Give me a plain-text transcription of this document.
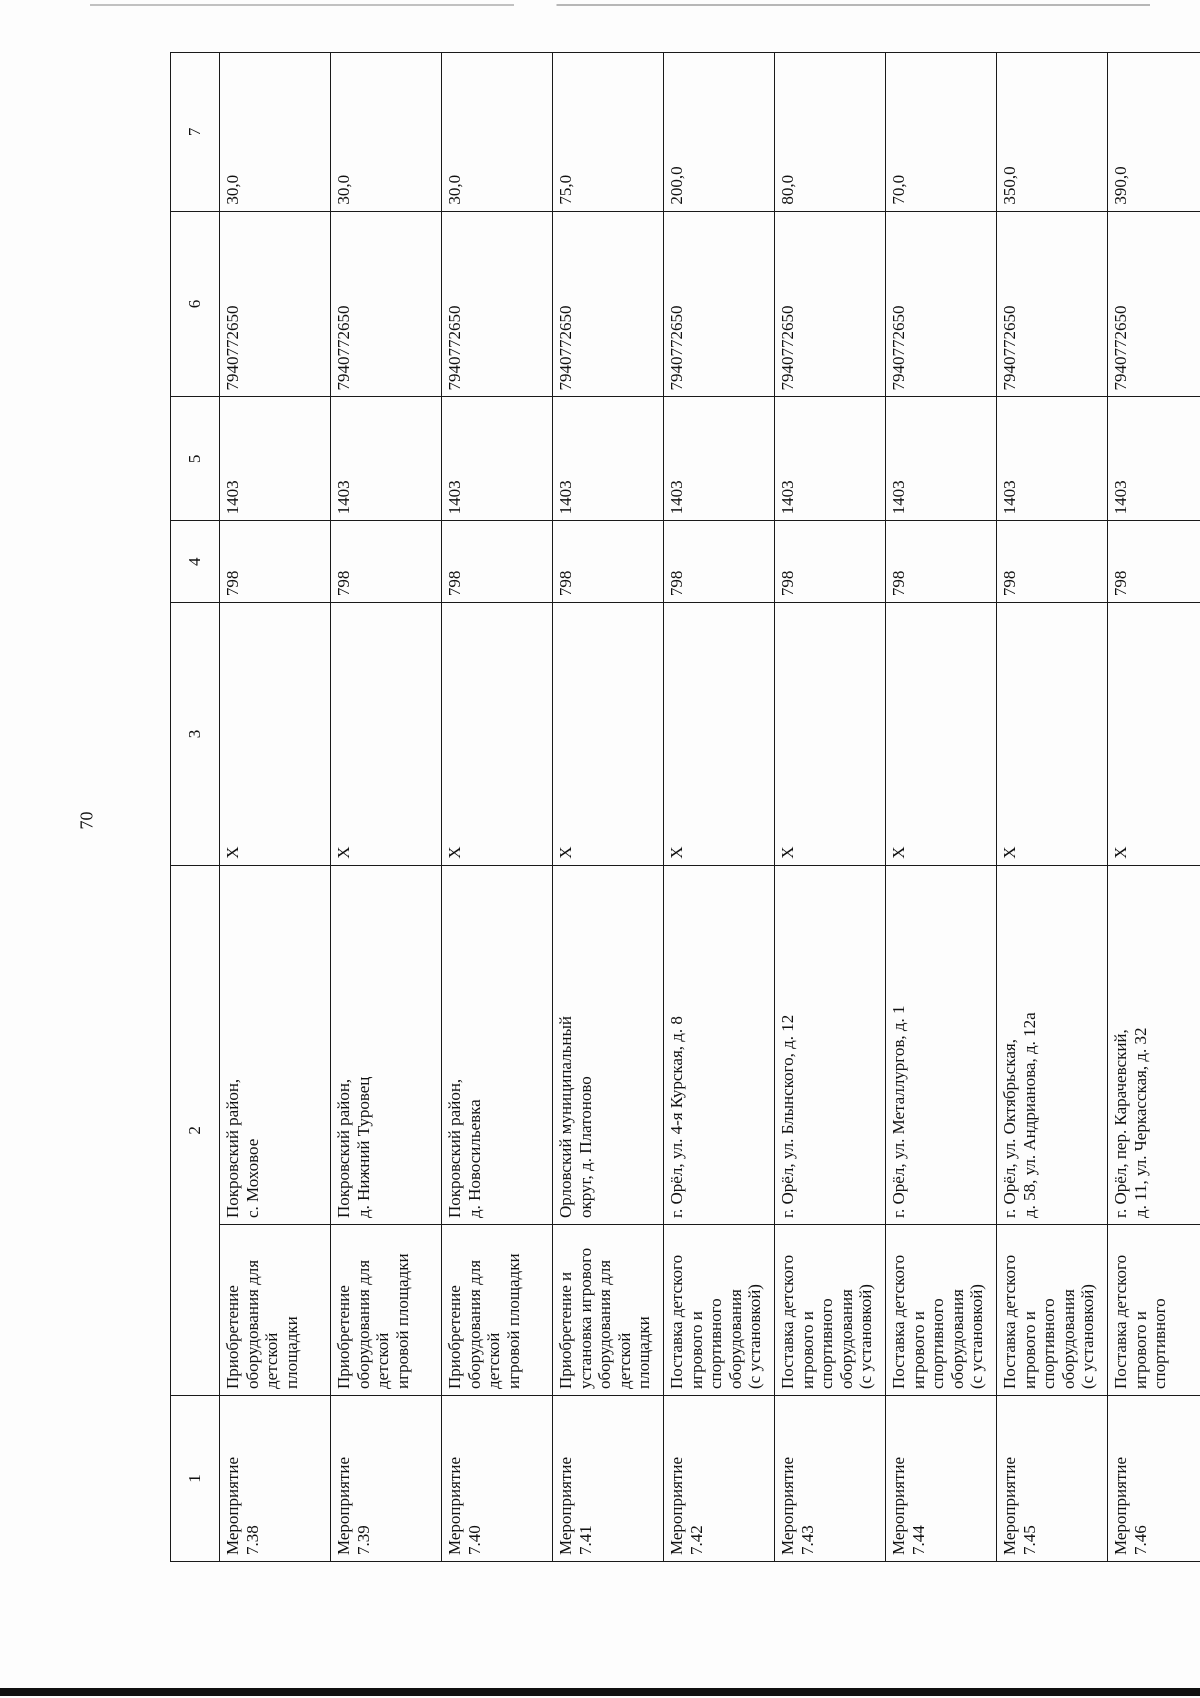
70
1	2		3	4	5	6	7

Мероприятие 7.38	Приобретение оборудования для детской площадки	Покровский район, с. Моховое	Х	798	1403	7940772650	30,0

Мероприятие 7.39	Приобретение оборудования для детской игровой площадки	Покровский район, д. Нижний Туровец	Х	798	1403	7940772650	30,0

Мероприятие 7.40	Приобретение оборудования для детской игровой площадки	Покровский район, д. Новосильевка	Х	798	1403	7940772650	30,0

Мероприятие 7.41	Приобретение и установка игрового оборудования для детской площадки	Орловский муниципальный округ, д. Платоново	Х	798	1403	7940772650	75,0

Мероприятие 7.42	Поставка детского игрового и спортивного оборудования (с установкой)	г. Орёл, ул. 4-я Курская, д. 8	Х	798	1403	7940772650	200,0

Мероприятие 7.43	Поставка детского игрового и спортивного оборудования (с установкой)	г. Орёл, ул. Блынского, д. 12	Х	798	1403	7940772650	80,0

Мероприятие 7.44	Поставка детского игрового и спортивного оборудования (с установкой)	г. Орёл, ул. Металлургов, д. 1	Х	798	1403	7940772650	70,0

Мероприятие 7.45	Поставка детского игрового и спортивного оборудования (с установкой)	г. Орёл, ул. Октябрьская, д. 58, ул. Андрианова, д. 12а	Х	798	1403	7940772650	350,0

Мероприятие 7.46	Поставка детского игрового и спортивного	г. Орёл, пер. Карачевский, д. 11, ул. Черкасская, д. 32	Х	798	1403	7940772650	390,0
